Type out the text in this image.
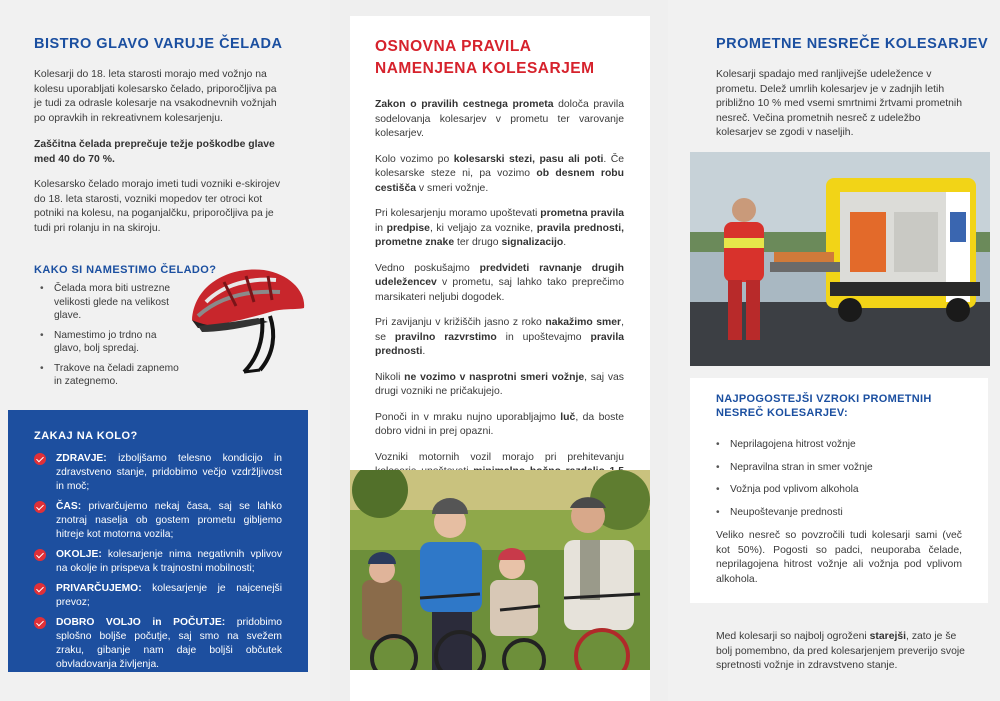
BISTRO GLAVO VARUJE ČELADA

Kolesarji do 18. leta starosti morajo med vožnjo na kolesu uporabljati kolesarsko čelado, priporočljiva pa je tudi za odrasle kolesarje na vsakodnevnih vožnjah po opravkih in rekreativnem kolesarjenju.

Zaščitna čelada preprečuje težje poškodbe glave med 40 do 70 %.

Kolesarsko čelado morajo imeti tudi vozniki e-skirojev do 18. leta starosti, vozniki mopedov ter otroci kot potniki na kolesu, na poganjalčku, priporočljiva pa je tudi pri rolanju in na skiroju.

KAKO SI NAMESTIMO ČELADO?
• Čelada mora biti ustrezne velikosti glede na velikost glave.
• Namestimo jo trdno na glavo, bolj spredaj.
• Trakove na čeladi zapnemo in zategnemo.
ZAKAJ NA KOLO?
ZDRAVJE: izboljšamo telesno kondicijo in zdravstveno stanje, pridobimo večjo vzdržljivost in moč;
ČAS: privarčujemo nekaj časa, saj se lahko znotraj naselja ob gostem prometu gibljemo hitreje kot motorna vozila;
OKOLJE: kolesarjenje nima negativnih vplivov na okolje in prispeva k trajnostni mobilnosti;
PRIVARČUJEMO: kolesarjenje je najcenejši prevoz;
DOBRO VOLJO in POČUTJE: pridobimo splošno boljše počutje, saj smo na svežem zraku, gibanje nam daje boljši občutek obvladovanja življenja.
OSNOVNA PRAVILA NAMENJENA KOLESARJEM

Zakon o pravilih cestnega prometa določa pravila sodelovanja kolesarjev v prometu ter varovanje kolesarjev.

Kolo vozimo po kolesarski stezi, pasu ali poti. Če kolesarske steze ni, pa vozimo ob desnem robu cestišča v smeri vožnje.

Pri kolesarjenju moramo upoštevati prometna pravila in predpise, ki veljajo za voznike, pravila prednosti, prometne znake ter drugo signalizacijo.

Vedno poskušajmo predvideti ravnanje drugih udeležencev v prometu, saj lahko tako preprečimo marsikateri neljubi dogodek.

Pri zavijanju v križiščih jasno z roko nakažimo smer, se pravilno razvrstimo in upoštevajmo pravila prednosti.

Nikoli ne vozimo v nasprotni smeri vožnje, saj vas drugi vozniki ne pričakujejo.

Ponoči in v mraku nujno uporabljajmo luč, da boste dobro vidni in prej opazni.

Vozniki motornih vozil morajo pri prehitevanju

PROMETNE NESREČE KOLESARJEV

Kolesarji spadajo med ranljivejše udeležence v prometu. Delež umrlih kolesarjev je v zadnjih letih približno 10 % med vsemi smrtnimi žrtvami prometnih nesreč. Večina prometnih nesreč z udeležbo kolesarjev se zgodi v naseljih.

NAJPOGOSTEJŠI VZROKI PROMETNIH NESREČ KOLESARJEV:
• Neprilagojena hitrost vožnje
• Nepravilna stran in smer vožnje
• Vožnja pod vplivom alkohola
• Neupoštevanje prednosti

Veliko nesreč so povzročili tudi kolesarji sami (več kot 50%). Pogosti so padci, neuporaba čelade, neprilagojena hitrost vožnje ali vožnja pod vplivom alkohola.

Med kolesarji so najbolj ogroženi starejši, zato je še bolj pomembno, da pred kolesarjenjem preverijo svoje spretnosti vožnje in zdravstveno stanje.
